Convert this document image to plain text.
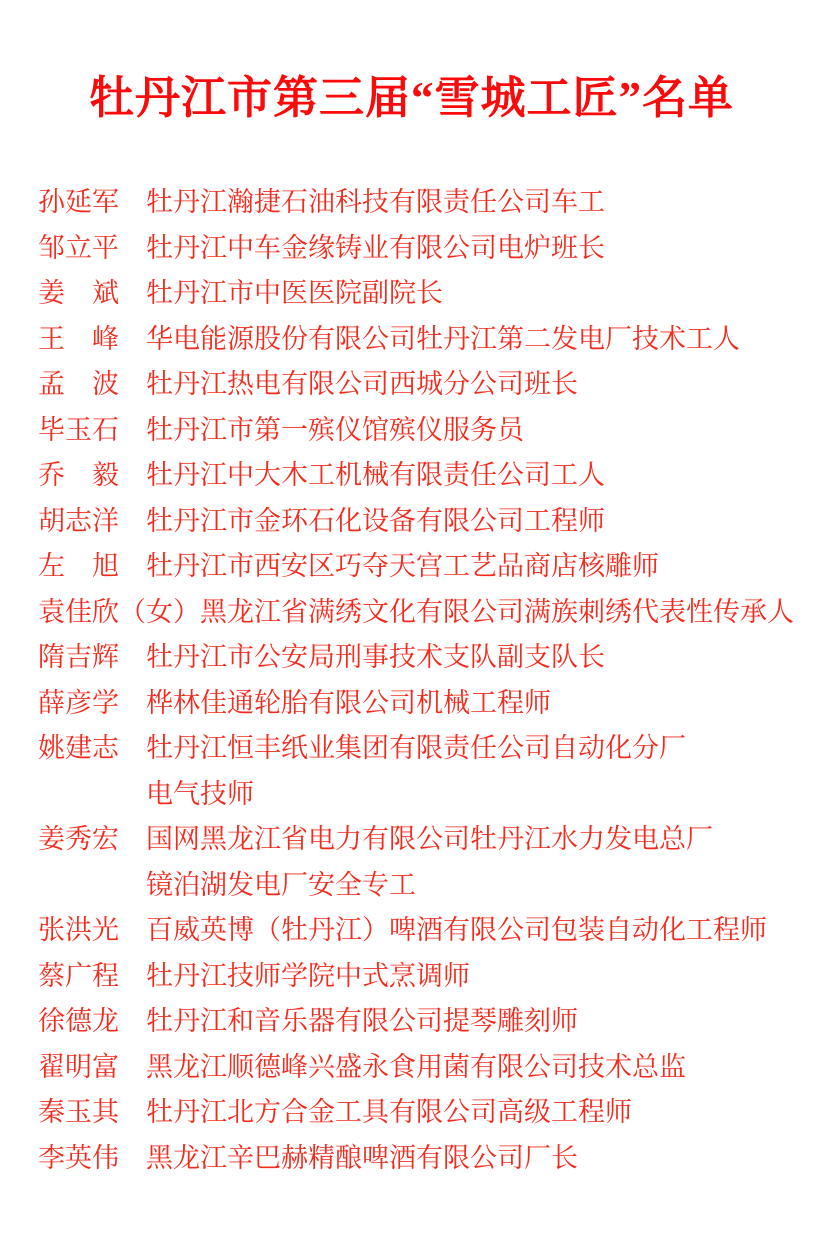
牡丹江市第三届“雪城工匠”名单
孙延军 牡丹江瀚捷石油科技有限责任公司车工
邹立平 牡丹江中车金缘铸业有限公司电炉班长
姜　斌 牡丹江市中医医院副院长
王　峰 华电能源股份有限公司牡丹江第二发电厂技术工人
孟　波 牡丹江热电有限公司西城分公司班长
毕玉石 牡丹江市第一殡仪馆殡仪服务员
乔　毅 牡丹江中大木工机械有限责任公司工人
胡志洋 牡丹江市金环石化设备有限公司工程师
左　旭 牡丹江市西安区巧夺天宫工艺品商店核雕师
袁佳欣（女） 黑龙江省满绣文化有限公司满族刺绣代表性传承人
隋吉辉 牡丹江市公安局刑事技术支队副支队长
薛彦学 桦林佳通轮胎有限公司机械工程师
姚建志 牡丹江恒丰纸业集团有限责任公司自动化分厂
电气技师
姜秀宏 国网黑龙江省电力有限公司牡丹江水力发电总厂
镜泊湖发电厂安全专工
张洪光 百威英博（牡丹江）啤酒有限公司包装自动化工程师
蔡广程 牡丹江技师学院中式烹调师
徐德龙 牡丹江和音乐器有限公司提琴雕刻师
翟明富 黑龙江顺德峰兴盛永食用菌有限公司技术总监
秦玉其 牡丹江北方合金工具有限公司高级工程师
李英伟 黑龙江辛巴赫精酿啤酒有限公司厂长
